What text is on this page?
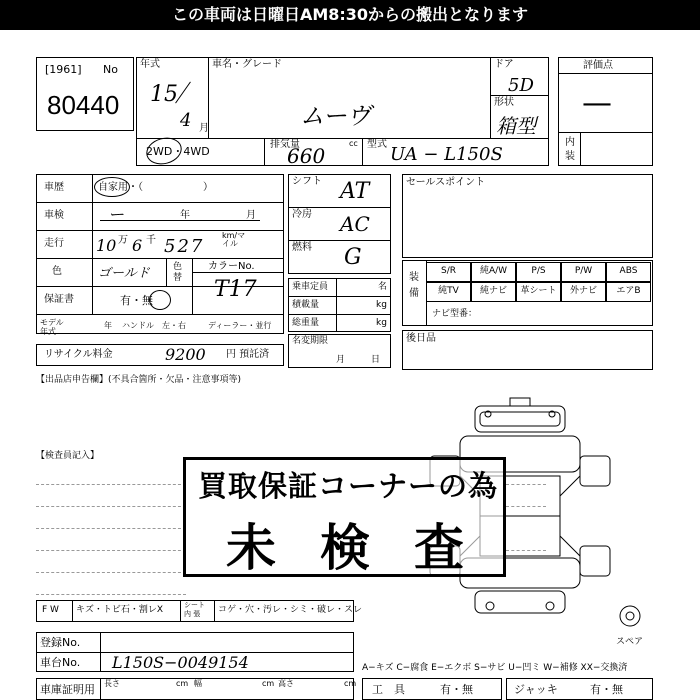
この車両は日曜日AM8:30からの搬出となります
[1961] No
80440
年式
15
4 月
車名・グレード
ムーヴ
ドア
5D
形状
箱型
2WD・4WD
排気量
660
cc 型式 UA − L150S
評価点
—
内装
車歴	自家用・（　　　　　　）
車検	ー	年	月
走行 10 万 6 千 527
km/マイル
色	ゴールド	色替
カラーNo.
T17
保証書	有・無
モデル年式
年 ハンドル　左・右	ディーラー・並行
リサイクル料金	9200 円 預託済
【出品店申告欄】(不具合箇所・欠品・注意事項等)
シフト AT
冷房 AC
燃料 G
乗車定員	名
積載量	kg
総重量	kg
名変期限
月日
セールスポイント
装備
S/R	純A/W	P/S	P/W	ABS
純TV	純ナビ	革シート	外ナビ	エアB
ナビ型番：
後日品
【検査員記入】
スペア
買取保証コーナーの為
未検査
F W キズ・トビ石・割レX	シート 内 張	コゲ・穴・汚レ・シミ・破レ・スレ
登録No.
車台No. L150S−0049154	A−キズ C−腐食 E−エクボ S−サビ U−凹ミ W−補修 XX−交換済
車庫証明用 長さ	cm 幅	cm 高さ	cm 工　具	有・無	ジャッキ	有・無
